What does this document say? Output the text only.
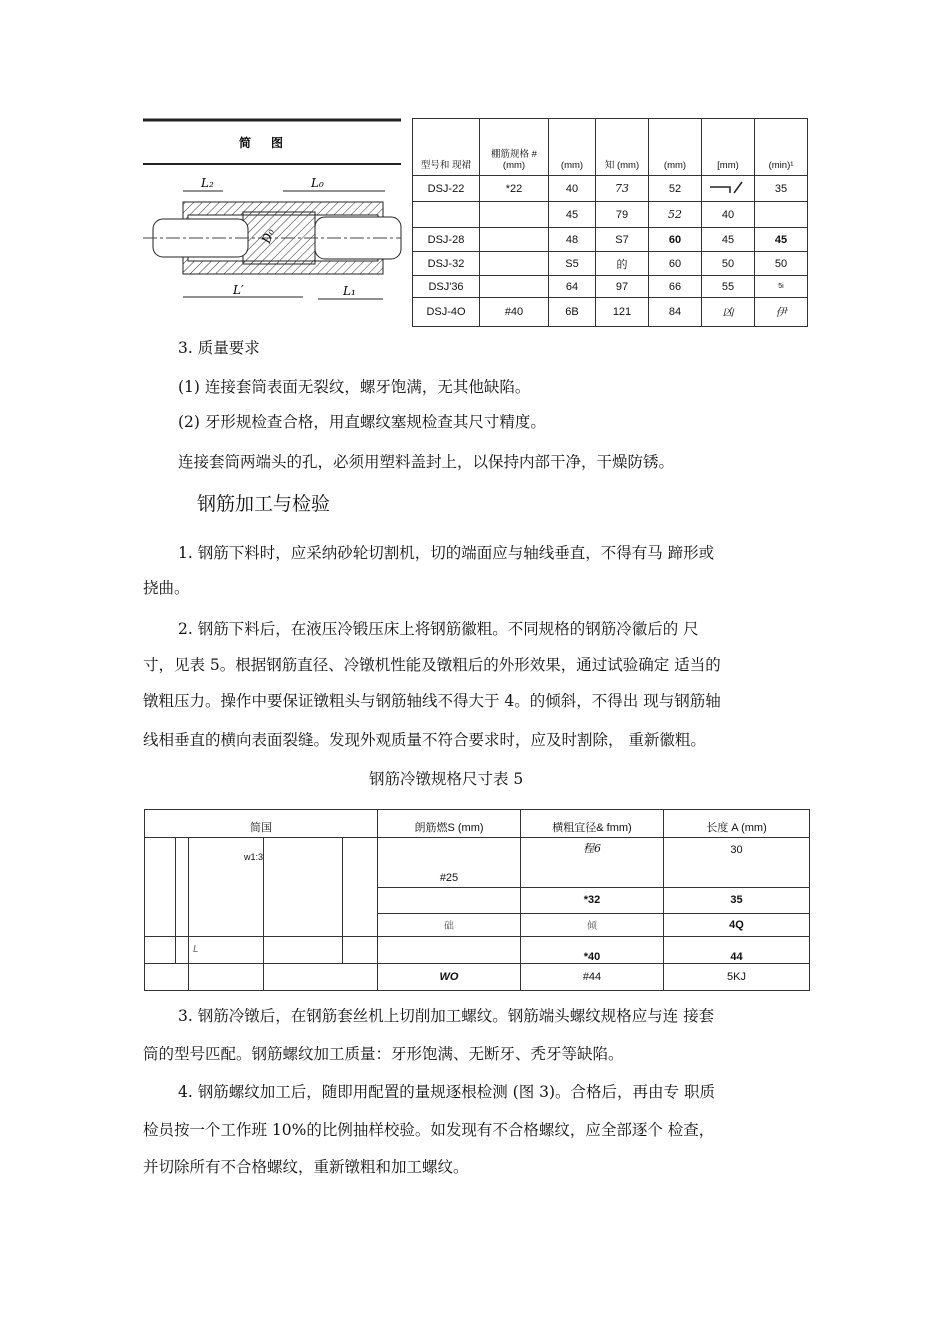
简      图
L₂	L₀
D₀
L′	L₁
型号和 现裙	棚筋规格 # (mm)	(mm)	知 (mm)	(mm)	[mm)	(min)¹
DSJ-22	*22	40	73	52		35
		45	79	52	40	
DSJ-28		48	S7	60	45	45
DSJ-32		S5	的	60	50	50
DSJ'36		64	97	66	55	5i
DSJ-4O	#40	6B	121	84	凶	伊
3. 质量要求
(1) 连接套筒表面无裂纹，螺牙饱满，无其他缺陷。
(2) 牙形规检查合格，用直螺纹塞规检查其尺寸精度。
连接套筒两端头的孔，必须用塑料盖封上，以保持内部干净，干燥防锈。
钢筋加工与检验
1. 钢筋下料时，应采纳砂轮切割机，切的端面应与轴线垂直，不得有马 蹄形或
挠曲。
2. 钢筋下料后，在液压冷锻压床上将钢筋徽粗。不同规格的钢筋冷徽后的 尺
寸，见表 5。根据钢筋直径、冷镦机性能及镦粗后的外形效果，通过试验确定 适当的
镦粗压力。操作中要保证镦粗头与钢筋轴线不得大于 4。的倾斜，不得出 现与钢筋轴
线相垂直的横向表面裂缝。发现外观质量不符合要求时，应及时割除， 重新徽粗。
钢筋冷镦规格尺寸表 5
简国					朗筋燃S (mm)	横粗宜径& fmm)	长度 A (mm)
		w1:3			#25	程6	30
						*32	35
					础	倾	4Q
		L				*40	44
					WO	#44	5KJ
3. 钢筋冷镦后，在钢筋套丝机上切削加工螺纹。钢筋端头螺纹规格应与连 接套
筒的型号匹配。钢筋螺纹加工质量：牙形饱满、无断牙、秃牙等缺陷。
4. 钢筋螺纹加工后，随即用配置的量规逐根检测 (图 3)。合格后，再由专 职质
检员按一个工作班 10%的比例抽样校验。如发现有不合格螺纹，应全部逐个 检查，
并切除所有不合格螺纹，重新镦粗和加工螺纹。
